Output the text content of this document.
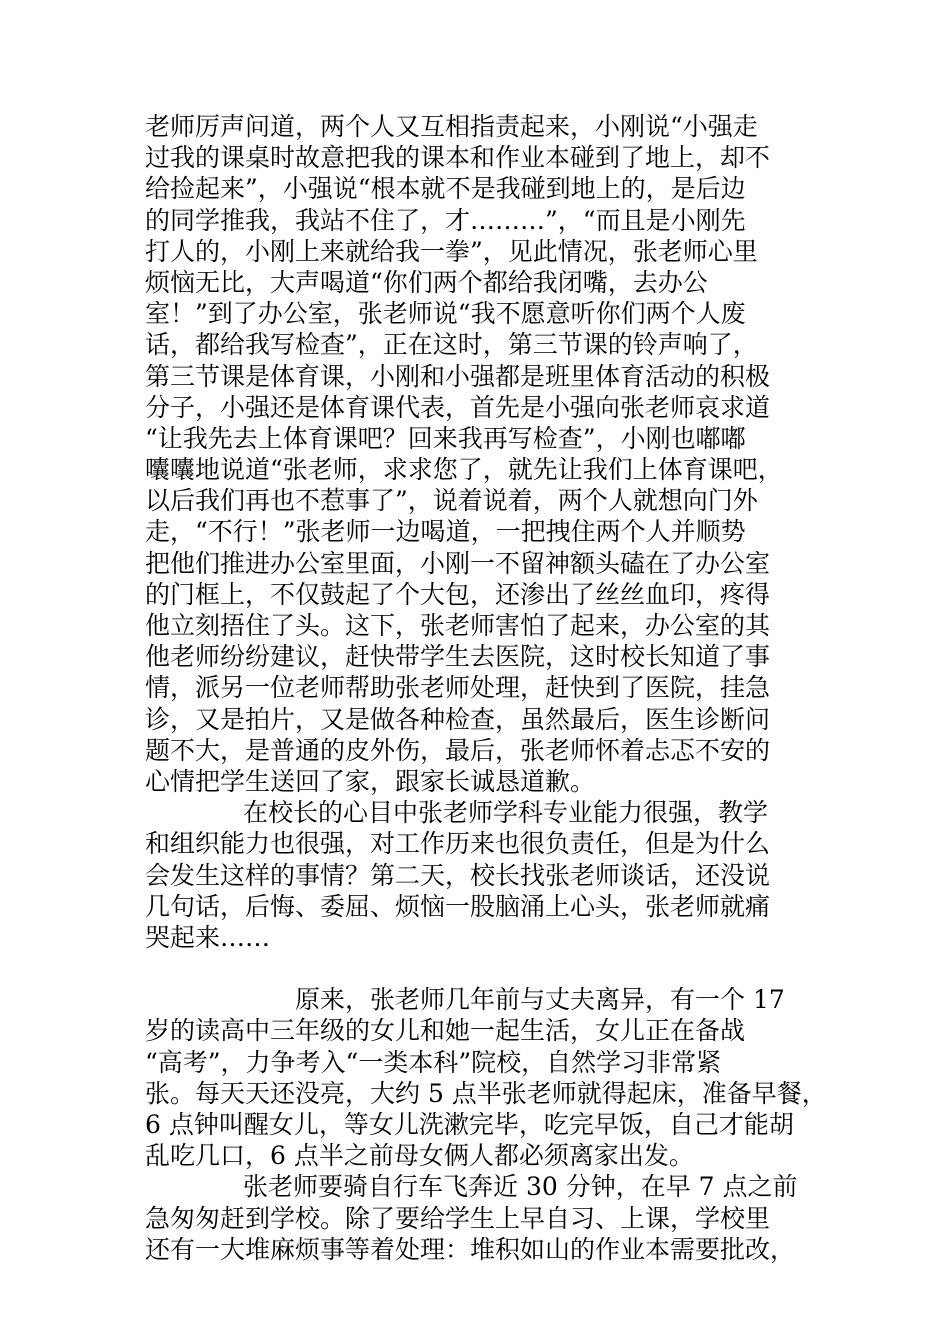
老师厉声问道，两个人又互相指责起来，小刚说“小强走
过我的课桌时故意把我的课本和作业本碰到了地上，却不
给捡起来”，小强说“根本就不是我碰到地上的，是后边
的同学推我，我站不住了，才………”，“而且是小刚先
打人的，小刚上来就给我一拳”，见此情况，张老师心里
烦恼无比，大声喝道“你们两个都给我闭嘴，去办公
室！”到了办公室，张老师说“我不愿意听你们两个人废
话，都给我写检查”，正在这时，第三节课的铃声响了，
第三节课是体育课，小刚和小强都是班里体育活动的积极
分子，小强还是体育课代表，首先是小强向张老师哀求道
“让我先去上体育课吧？回来我再写检查”，小刚也嘟嘟
囔囔地说道“张老师，求求您了，就先让我们上体育课吧，
以后我们再也不惹事了”，说着说着，两个人就想向门外
走，“不行！”张老师一边喝道，一把拽住两个人并顺势
把他们推进办公室里面，小刚一不留神额头磕在了办公室
的门框上，不仅鼓起了个大包，还渗出了丝丝血印，疼得
他立刻捂住了头。这下，张老师害怕了起来，办公室的其
他老师纷纷建议，赶快带学生去医院，这时校长知道了事
情，派另一位老师帮助张老师处理，赶快到了医院，挂急
诊，又是拍片，又是做各种检查，虽然最后，医生诊断问
题不大，是普通的皮外伤，最后，张老师怀着忐忑不安的
心情把学生送回了家，跟家长诚恳道歉。
在校长的心目中张老师学科专业能力很强，教学
和组织能力也很强，对工作历来也很负责任，但是为什么
会发生这样的事情？第二天，校长找张老师谈话，还没说
几句话，后悔、委屈、烦恼一股脑涌上心头，张老师就痛
哭起来……
原来，张老师几年前与丈夫离异，有一个 17
岁的读高中三年级的女儿和她一起生活，女儿正在备战
“高考”，力争考入“一类本科”院校，自然学习非常紧
张。每天天还没亮，大约 5 点半张老师就得起床，准备早餐，
6 点钟叫醒女儿，等女儿洗漱完毕，吃完早饭，自己才能胡
乱吃几口，6 点半之前母女俩人都必须离家出发。
张老师要骑自行车飞奔近 30 分钟，在早 7 点之前
急匆匆赶到学校。除了要给学生上早自习、上课，学校里
还有一大堆麻烦事等着处理：堆积如山的作业本需要批改，
